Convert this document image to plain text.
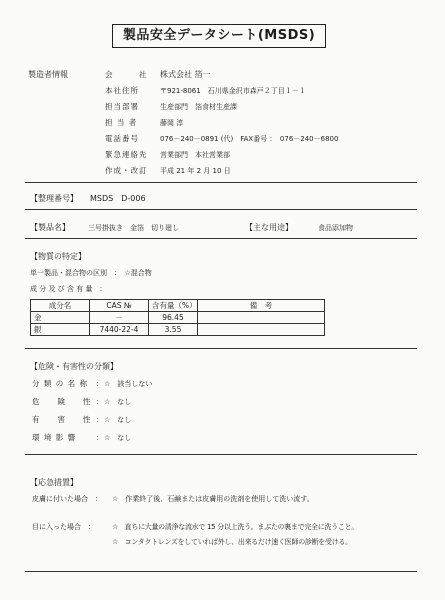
製品安全データシート(MSDS)
製造者情報	会　　　社 株式会社 箔一
本社住所	〒921-8061　石川県金沢市森戸２丁目１－１
担当部署	生産部門　箔食材生産課
担 当 者	藤岡 淳
電話番号	076－240－0891 (代)　FAX番号 ：　076－240－6800
緊急連絡先 営業部門　本社営業部
作成・改訂 平成 21 年 2 月 10 日
【整理番号】 MSDS　D-006
【製品名】	三号掛抜き　金箔　切り廻し	【主な用途】	食品添加物
【物質の特定】
単一製品・混合物の区別　：　☆混合物
成 分 及 び 含 有 量　：
成分名	CAS №	含有量（%）	備　考
金	－	96.45	
銀	7440-22-4	3.55	
【危険・有害性の分類】
分 類 の 名 称 ： ☆　該当しない
危　　険　　性 ： ☆　なし
有　　害　　性 ： ☆　なし
環 境 影 響	： ☆　なし
【応急措置】
皮膚に付いた場合　： ☆　作業終了後、石鹸または皮膚用の洗剤を使用して洗い流す。
目に入った場合　： ☆　直ちに大量の清浄な流水で 15 分以上洗う。まぶたの裏まで完全に洗うこと。
☆　コンタクトレンズをしていれば外し、出来るだけ速く医師の診断を受ける。
